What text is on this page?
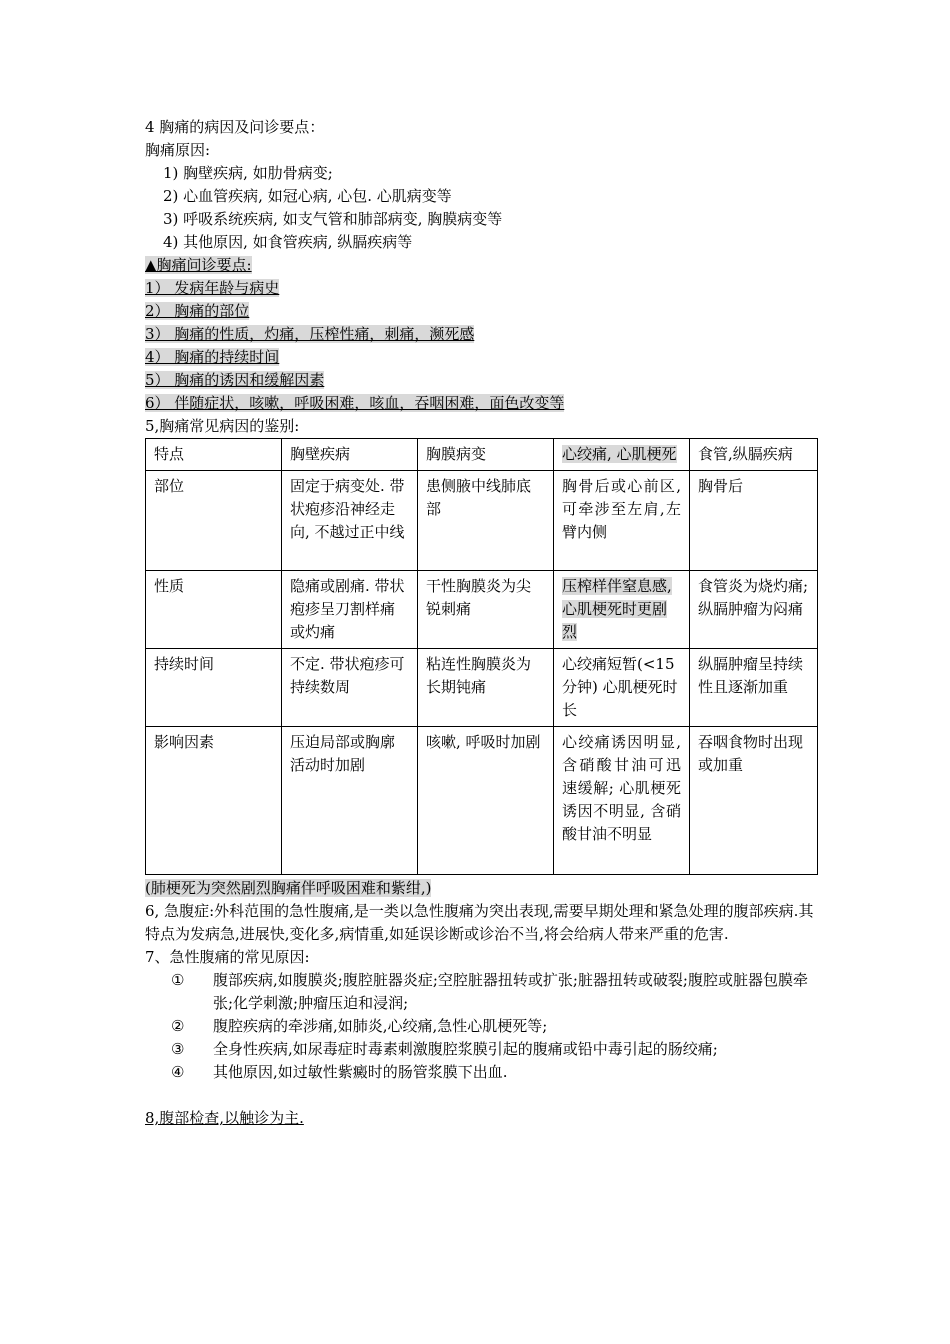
4 胸痛的病因及问诊要点：
胸痛原因:
1) 胸壁疾病, 如肋骨病变;
2) 心血管疾病, 如冠心病, 心包. 心肌病变等
3) 呼吸系统疾病, 如支气管和肺部病变, 胸膜病变等
4) 其他原因, 如食管疾病, 纵膈疾病等
▲胸痛问诊要点:
1） 发病年龄与病史
2） 胸痛的部位
3） 胸痛的性质，灼痛，压榨性痛，刺痛，濒死感
4） 胸痛的持续时间
5） 胸痛的诱因和缓解因素
6） 伴随症状，咳嗽，呼吸困难，咳血，吞咽困难，面色改变等
5,胸痛常见病因的鉴别:
特点	胸壁疾病	胸膜病变	心绞痛, 心肌梗死	食管,纵膈疾病
部位	固定于病变处. 带状疱疹沿神经走向, 不越过正中线	患侧腋中线肺底部	胸骨后或心前区, 可牵涉至左肩,左臂内侧	胸骨后
性质	隐痛或剧痛. 带状疱疹呈刀割样痛或灼痛	干性胸膜炎为尖锐刺痛	压榨样伴窒息感, 心肌梗死时更剧烈	食管炎为烧灼痛; 纵膈肿瘤为闷痛
持续时间	不定. 带状疱疹可持续数周	粘连性胸膜炎为长期钝痛	心绞痛短暂(<15分钟) 心肌梗死时长	纵膈肿瘤呈持续性且逐渐加重
影响因素	压迫局部或胸廓活动时加剧	咳嗽, 呼吸时加剧	心绞痛诱因明显, 含硝酸甘油可迅速缓解; 心肌梗死诱因不明显, 含硝酸甘油不明显	吞咽食物时出现或加重
(肺梗死为突然剧烈胸痛伴呼吸困难和紫绀,)
6, 急腹症:外科范围的急性腹痛,是一类以急性腹痛为突出表现,需要早期处理和紧急处理的腹部疾病.其特点为发病急,进展快,变化多,病情重,如延误诊断或诊治不当,将会给病人带来严重的危害.
7、急性腹痛的常见原因:
①	腹部疾病,如腹膜炎;腹腔脏器炎症;空腔脏器扭转或扩张;脏器扭转或破裂;腹腔或脏器包膜牵张;化学刺激;肿瘤压迫和浸润;
②	腹腔疾病的牵涉痛,如肺炎,心绞痛,急性心肌梗死等;
③	全身性疾病,如尿毒症时毒素刺激腹腔浆膜引起的腹痛或铅中毒引起的肠绞痛;
④	其他原因,如过敏性紫癜时的肠管浆膜下出血.
8,腹部检查,以触诊为主.
